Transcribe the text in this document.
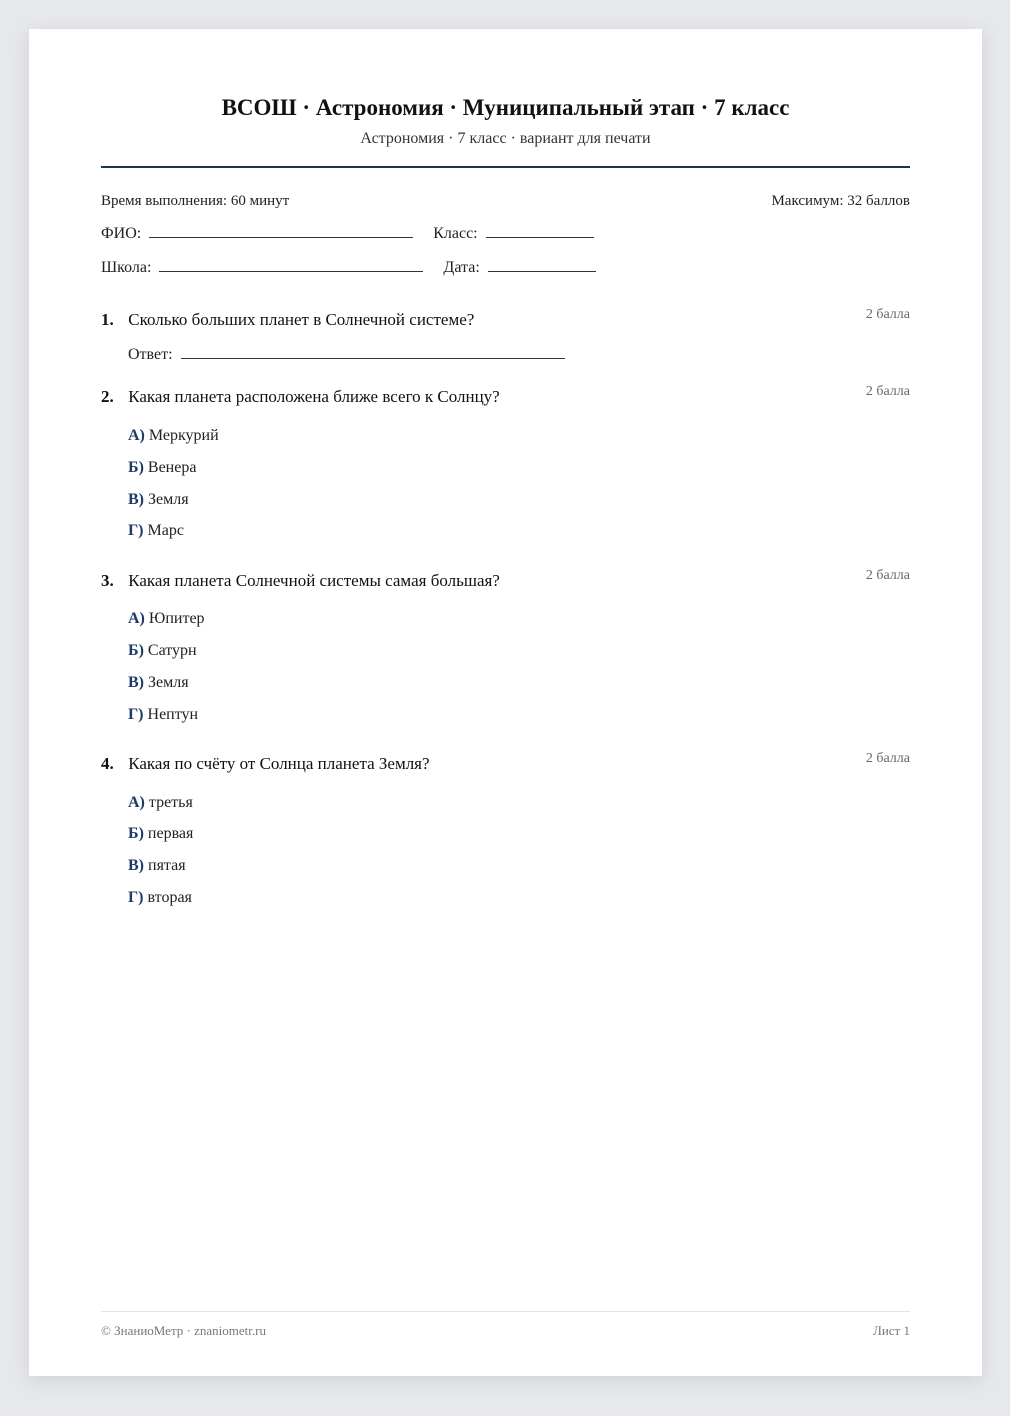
ВСОШ · Астрономия · Муниципальный этап · 7 класс
Астрономия · 7 класс · вариант для печати
Время выполнения: 60 минут	Максимум: 32 баллов
ФИО:	Класс:
Школа:	Дата:
1. Сколько больших планет в Солнечной системе?	2 балла
Ответ:
2. Какая планета расположена ближе всего к Солнцу?	2 балла
А) Меркурий
Б) Венера
В) Земля
Г) Марс
3. Какая планета Солнечной системы самая большая?	2 балла
А) Юпитер
Б) Сатурн
В) Земля
Г) Нептун
4. Какая по счёту от Солнца планета Земля?	2 балла
А) третья
Б) первая
В) пятая
Г) вторая
© ЗнаниоМетр · znaniometr.ru	Лист 1
